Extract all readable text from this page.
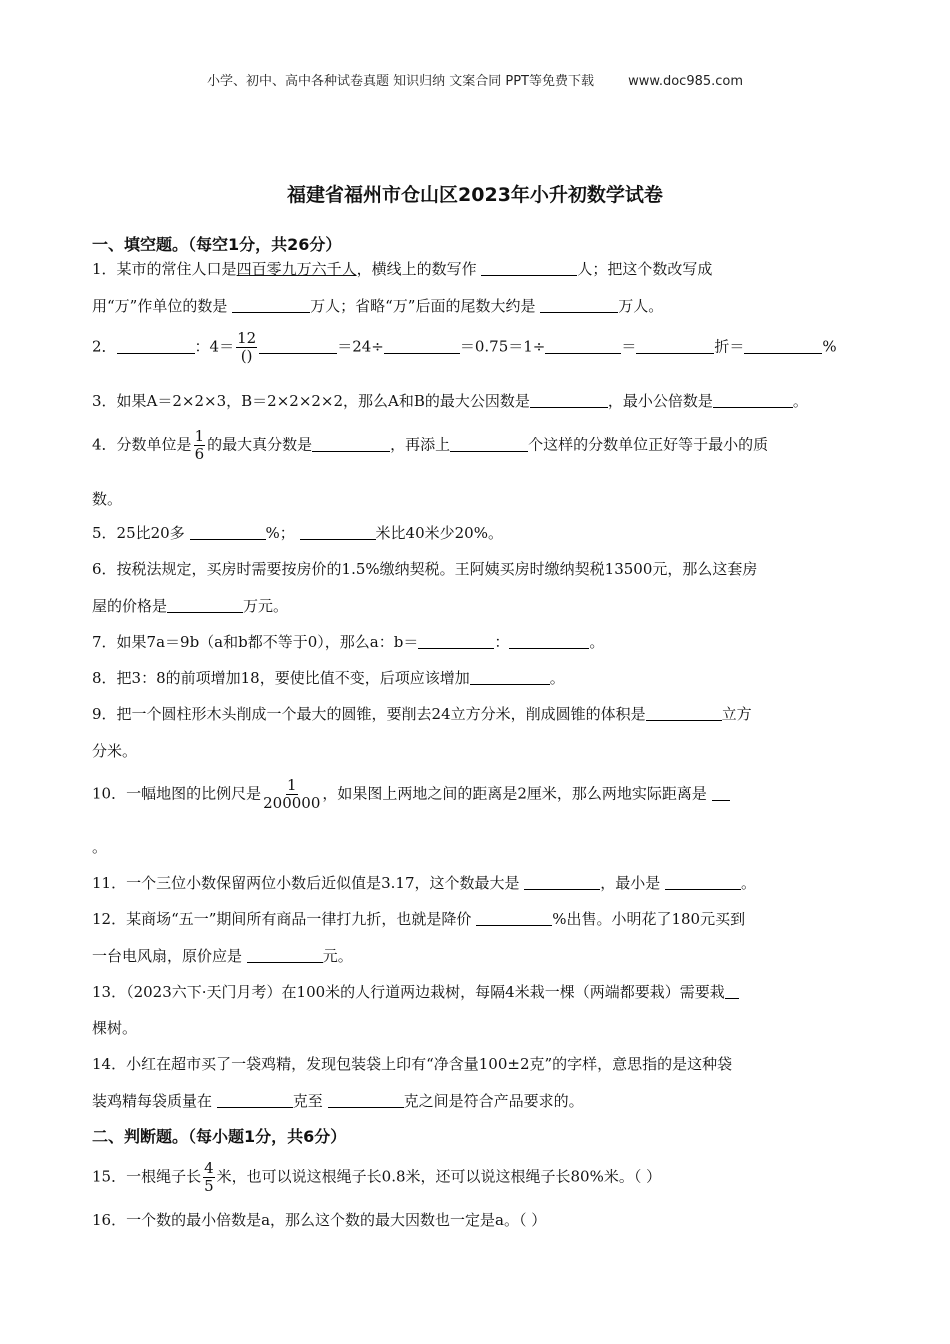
小学、初中、高中各种试卷真题 知识归纳 文案合同 PPT等免费下载	www.doc985.com
福建省福州市仓山区2023年小升初数学试卷
一、填空题。（每空1分，共26分）
1．某市的常住人口是四百零九万六千人，横线上的数写作	人；把这个数改写成
用“万”作单位的数是	万人；省略“万”后面的尾数大约是	万人。
2．	：$4= \frac{12}{()}$	＝24÷	＝0.75＝1÷	＝	折＝	%
3．如果A＝2×2×3，B＝2×2×2×2，那么A和B的最大公因数是	，最小公倍数是	。
4．分数单位是 $\frac{1}{6}$ 的最大真分数是	，再添上	个这样的分数单位正好等于最小的质
数。
5．25比20多	%；	米比40米少20%。
6．按税法规定，买房时需要按房价的1.5%缴纳契税。王阿姨买房时缴纳契税13500元，那么这套房
屋的价格是	万元。
7．如果7a＝9b（a和b都不等于0），那么a：b＝	：	。
8．把3：8的前项增加18，要使比值不变，后项应该增加	。
9．把一个圆柱形木头削成一个最大的圆锥，要削去24立方分米，削成圆锥的体积是	立方
分米。
10．一幅地图的比例尺是 $\frac{1}{200000}$ ，如果图上两地之间的距离是2厘米，那么两地实际距离是
。
11．一个三位小数保留两位小数后近似值是3.17，这个数最大是	，最小是	。
12．某商场“五一”期间所有商品一律打九折，也就是降价	%出售。小明花了180元买到
一台电风扇，原价应是	元。
13．（2023六下·天门月考）在100米的人行道两边栽树，每隔4米栽一棵（两端都要栽）需要栽
棵树。
14．小红在超市买了一袋鸡精，发现包装袋上印有“净含量100±2克”的字样，意思指的是这种袋
装鸡精每袋质量在	克至	克之间是符合产品要求的。
二、判断题。（每小题1分，共6分）
15．一根绳子长 $\frac{4}{5}$ 米，也可以说这根绳子长0.8米，还可以说这根绳子长80%米。（ ）
16．一个数的最小倍数是a，那么这个数的最大因数也一定是a。（ ）
